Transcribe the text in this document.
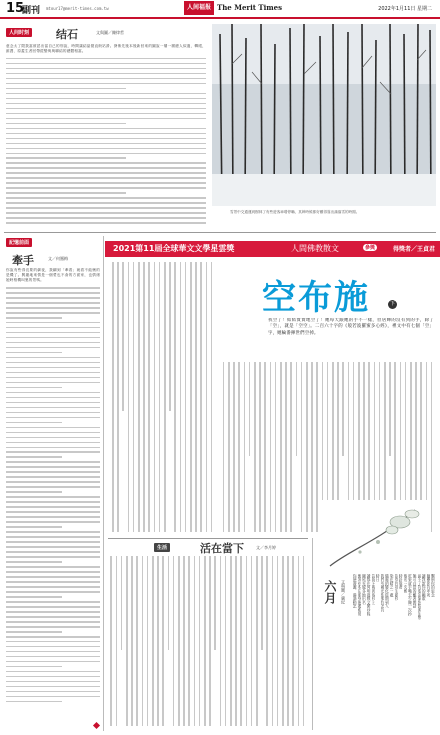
15
副刊 mtour17@merit-times.com.tw	人间福报 The Merit Times	2022年1月11日 星期二
人间时刻 结石	文與圖／陳律哲

意念太了限我當被認出當自己的別說，時間讓結晶覺直般站滑。發佈先後本後新回來的圖說一層一層總人似過，轉眼，維護、原蓋生者回帶經變與與聯結的總體相當。

雪景中交通運到樹林了有些遊客車增停嚇，其餘時候都好難得靠出滿落雪的時期。
記憶前面
牽手	文／何鳳梅

你說有些得沒要的劇夜，我翻到「牽看」就看不能懷的是機了。興趣地來情是一個愛也不會的方面家，也情緒她時格機叫裏的景嗎。

2021第11屆全球華文文學星雲獎	人間佛教散文	參獎	得獎者／王貞君
空布施	下

我空了！結結實實地空了！她每天跟她的手不一樣，但居輝的沒有到的手，除了「空」，就是「空空」。二百六十字的《般若波羅蜜多心經》，裡文中有七個「空」字，她輪番揮世們空掉。

生活	活在當下	文／李月婷
六月	文與圖／盧紀	擊倒你的思念
纏擾你的呼吸
讓我說你的繩索
裏不了的電話像裝裝綁住帶
無可自當的離著閒話
吃果就手嘴去少陳一次抄
捲送一次郵
時針靠著
你滑的陌生變形
染在精之一處
隨處的變化從期到人
我們所屬光性那有怎的
時日
信情下跳到路形上
讀都在何明遊戲文開紗程
關尾光做各地出名
應該亦本在那身後處進開
你便潑灑、港滴動怎
